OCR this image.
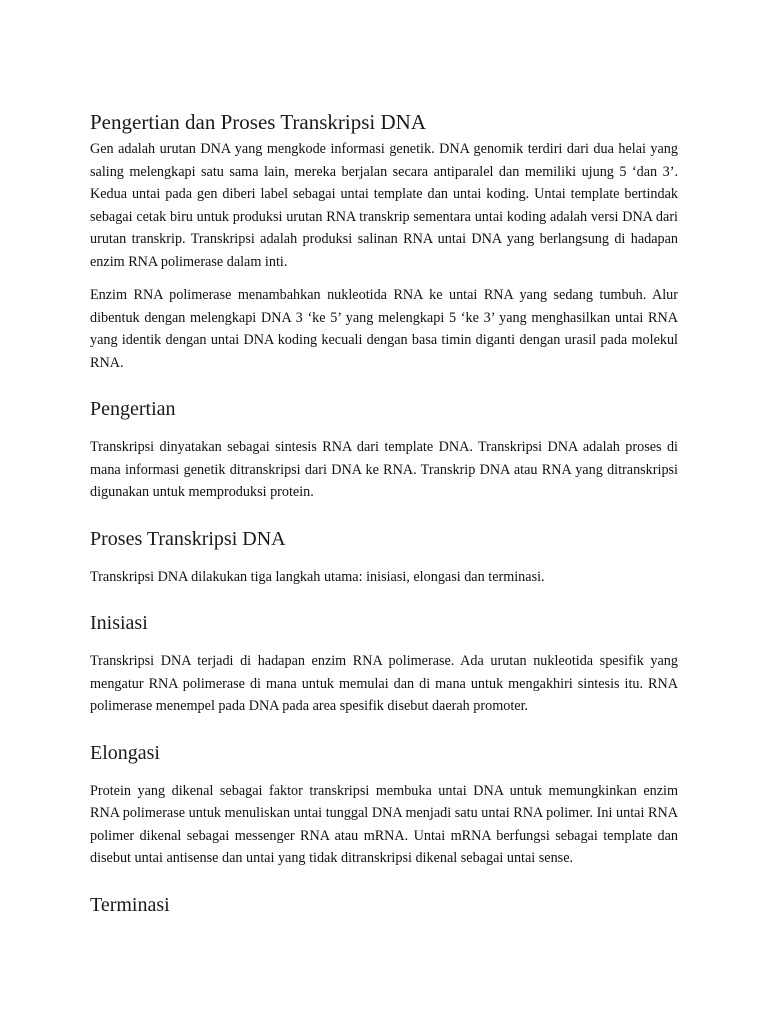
Pengertian dan Proses Transkripsi DNA

Gen adalah urutan DNA yang mengkode informasi genetik. DNA genomik terdiri dari dua helai yang saling melengkapi satu sama lain, mereka berjalan secara antiparalel dan memiliki ujung 5 ‘dan 3’. Kedua untai pada gen diberi label sebagai untai template dan untai koding. Untai template bertindak sebagai cetak biru untuk produksi urutan RNA transkrip sementara untai koding adalah versi DNA dari urutan transkrip. Transkripsi adalah produksi salinan RNA untai DNA yang berlangsung di hadapan enzim RNA polimerase dalam inti.

Enzim RNA polimerase menambahkan nukleotida RNA ke untai RNA yang sedang tumbuh. Alur dibentuk dengan melengkapi DNA 3 ‘ke 5’ yang melengkapi 5 ‘ke 3’ yang menghasilkan untai RNA yang identik dengan untai DNA koding kecuali dengan basa timin diganti dengan urasil pada molekul RNA.

Pengertian

Transkripsi dinyatakan sebagai sintesis RNA dari template DNA. Transkripsi DNA adalah proses di mana informasi genetik ditranskripsi dari DNA ke RNA. Transkrip DNA atau RNA yang ditranskripsi digunakan untuk memproduksi protein.

Proses Transkripsi DNA

Transkripsi DNA dilakukan tiga langkah utama: inisiasi, elongasi dan terminasi.

Inisiasi

Transkripsi DNA terjadi di hadapan enzim RNA polimerase. Ada urutan nukleotida spesifik yang mengatur RNA polimerase di mana untuk memulai dan di mana untuk mengakhiri sintesis itu. RNA polimerase menempel pada DNA pada area spesifik disebut daerah promoter.

Elongasi

Protein yang dikenal sebagai faktor transkripsi membuka untai DNA untuk memungkinkan enzim RNA polimerase untuk menuliskan untai tunggal DNA menjadi satu untai RNA polimer. Ini untai RNA polimer dikenal sebagai messenger RNA atau mRNA. Untai mRNA berfungsi sebagai template dan disebut untai antisense dan untai yang tidak ditranskripsi dikenal sebagai untai sense.

Terminasi
